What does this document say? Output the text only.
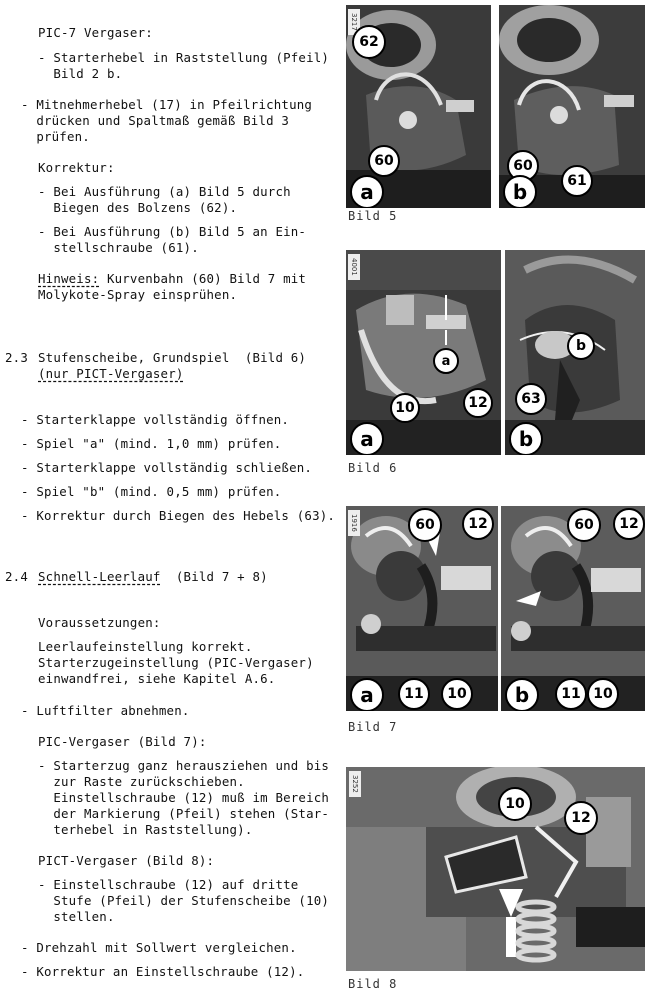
PIC-7 Vergaser:
- Starterhebel in Raststellung (Pfeil)
Bild 2 b.
- Mitnehmerhebel (17) in Pfeilrichtung
drücken und Spaltmaß gemäß Bild 3
prüfen.
Korrektur:
- Bei Ausführung (a) Bild 5 durch
Biegen des Bolzens (62).
- Bei Ausführung (b) Bild 5 an Ein-
stellschraube (61).
Hinweis: Kurvenbahn (60) Bild 7 mit
Molykote-Spray einsprühen.
2.3 Stufenscheibe, Grundspiel  (Bild 6)
(nur PICT-Vergaser)
- Starterklappe vollständig öffnen.
- Spiel "a" (mind. 1,0 mm) prüfen.
- Starterklappe vollständig schließen.
- Spiel "b" (mind. 0,5 mm) prüfen.
- Korrektur durch Biegen des Hebels (63).
2.4 Schnell-Leerlauf  (Bild 7 + 8)
Voraussetzungen:
Leerlaufeinstellung korrekt.
Starterzugeinstellung (PIC-Vergaser)
einwandfrei, siehe Kapitel A.6.
- Luftfilter abnehmen.
PIC-Vergaser (Bild 7):
- Starterzug ganz herausziehen und bis
zur Raste zurückschieben.
Einstellschraube (12) muß im Bereich
der Markierung (Pfeil) stehen (Star-
terhebel in Raststellung).
PICT-Vergaser (Bild 8):
- Einstellschraube (12) auf dritte
Stufe (Pfeil) der Stufenscheibe (10)
stellen.
- Drehzahl mit Sollwert vergleichen.
- Korrektur an Einstellschraube (12).
3217
62
60
a
60
61
b
Bild 5
4001
a
10	12
a
b
63
b
Bild 6
1916	60	12
11	10
a
60	12
11 10
b
Bild 7
3252
10
12
Bild 8
